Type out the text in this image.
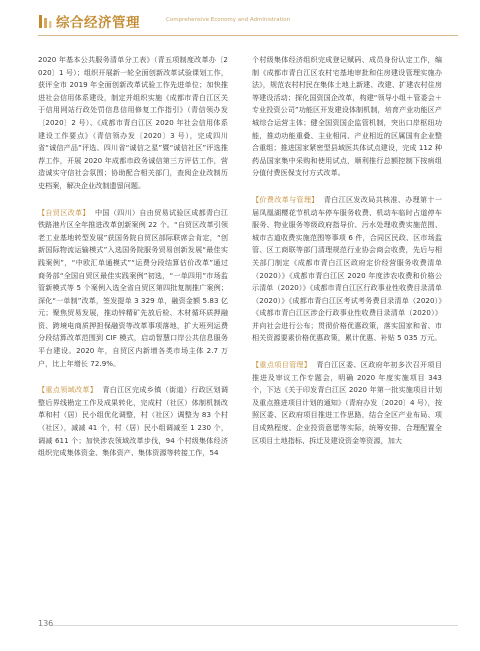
综合经济管理	Comprehensive Economy and Administration

2020 年基本公共服务清单分工表》（青五项制度改革办〔2020〕1 号）；组织开展新一轮全面创新改革试验课划工作，获评全市 2019 年全面创新改革试验工作先进单位；加快推进社会信用体系建设，制定并组织实施《成都市青白江区关于信用网站行政处罚信息信用修复工作指引》（青信领办发〔2020〕2 号）、《成都市青白江区 2020 年社会信用体系建设工作要点》（青信领办发〔2020〕3 号），完成四川省“诚信产品”评选、四川省“诚信之星”暨“诚信社区”评选推荐工作，开展 2020 年成都市政务诚信第三方评估工作，营造诚实守信社会氛围；协助配合相关部门，查阅企业改制历史档案，解决企业改制遗留问题。

【自贸区改革】 中国（四川）自由贸易试验区成都青白江铁路港片区全年推进改革创新案例 22 个。“自贸区改革引领老工业基地转型发展”获国务院自贸区部际联席会肯定，“创新国际物流运输模式”入选国务院服务贸易创新发展“最佳实践案例”，“中欧汇单通模式”“运费分段结算估价改革”通过商务部“全国自贸区最佳实践案例”初选，“一单四用”市场监管新模式等 5 个案例入选全省自贸区第四批复制推广案例；深化“一单制”改革，签发提单 3 329 单，融资金额 5.83 亿元；聚焦贸易发展，推动锌精矿先放后检、木材循环质押融资、跨境电商质押担保融资等改革事项落地，扩大班列运费分段结算改革范围到 CIF 模式，启动智慧口岸公共信息服务平台建设。2020 年，自贸区内新增各类市场主体 2.7 万户，比上年增长 72.9%。

【重点领域改革】 青白江区完成乡镇（街道）行政区划调整后界线勘定工作及成果转化，完成村（社区）体制机制改革和村（居）民小组优化调整，村（社区）调整为 83 个村（社区），减减 41 个，村（居）民小组调减至 1 230 个，调减 611 个；加快涉农领域改革步伐，94 个村级集体经济组织完成集体资金、集体资产、集体资源等转接工作，54

个村级集体经济组织完成登记赋码、成员身份认定工作，编制《成都市青白江区农村宅基地审批和住房建设管理实施办法》，规范农村村民在集体土地上新建、改建、扩建农村住房等建设活动；探化国资国企改革，构建“领导小组＋管委会＋专业投资公司”功能区开发建设体制机制，培育产业功能区产城综合运营主体；健全国资国企监管机制，突出口岸枢纽功能，推动功能重叠、主业相同、产业相近的区属国有企业整合重组；推进国家紧密型县域医共体试点建设，完成 112 种药品国家集中采购和使用试点，顺利推行总额控制下按病组分值付费医保支付方式改革。

【价费改革与管理】 青白江区发改局共核准、办理第十一届凤凰湖樱花节机动车停车服务收费、机动车临时占道停车服务、物业服务等级政府指导价、污水处理收费实施范围、城市古道收费实施范围等事项 6 件，合同区民政、区市场监管、区工商联等部门清理规范行业协会商会收费，先后与相关部门制定《成都市青白江区政府定价经营服务收费清单（2020）》《成都市青白江区 2020 年度涉农收费和价格公示清单（2020）》《成都市青白江区行政事业性收费目录清单（2020）》《成都市青白江区考试考务费目录清单（2020）》《成都市青白江区涉企行政事业性收费目录清单（2020）》并向社会进行公布；贯彻价格优惠政策，落实国家和省、市相关资源要素价格优惠政策，累计优惠、补贴 5 035 万元。

【重点项目管理】 青白江区委、区政府年初多次召开项目推进及审议工作专题会，明确 2020 年度实施项目 343 个，下达《关于印发青白江区 2020 年第一批实施项目计划及重点推进项目计划的通知》（青府办发〔2020〕4 号），按照区委、区政府项目推进工作思路，结合全区产业布局、项目成熟程度、企业投资意愿等实际，统筹安排、合理配置全区项目土地指标、拆迁及建设资金等资源，加大

136
